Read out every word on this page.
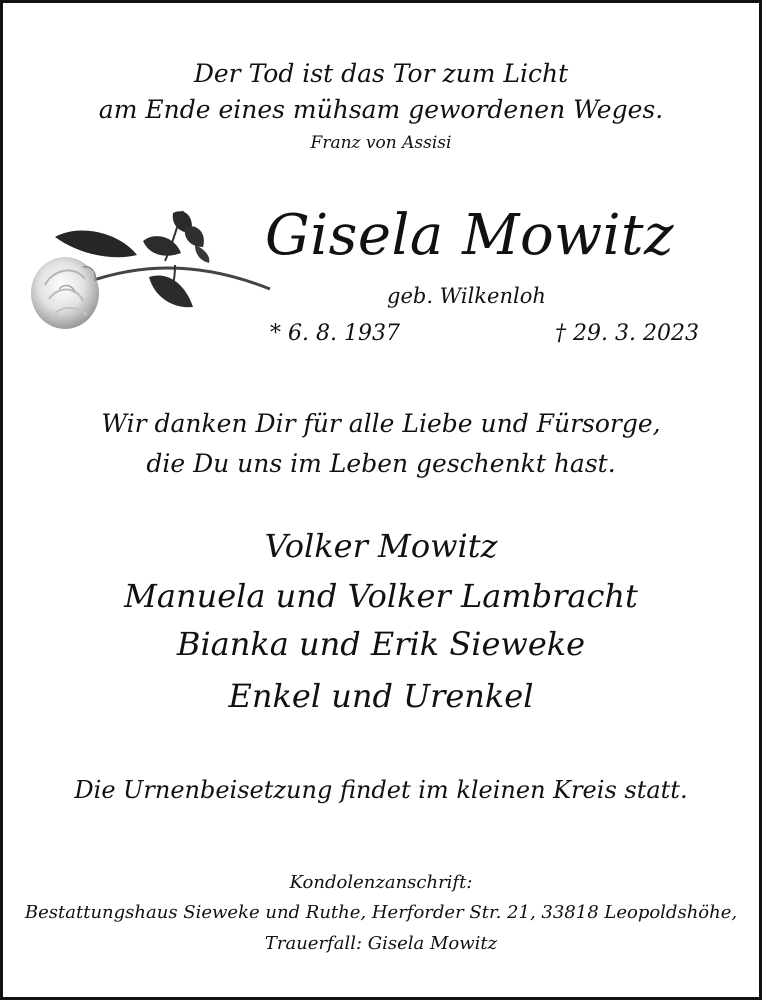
Der Tod ist das Tor zum Licht
am Ende eines mühsam gewordenen Weges.
Franz von Assisi
Gisela Mowitz
geb. Wilkenloh
* 6. 8. 1937	† 29. 3. 2023
Wir danken Dir für alle Liebe und Fürsorge,
die Du uns im Leben geschenkt hast.
Volker Mowitz
Manuela und Volker Lambracht
Bianka und Erik Sieweke
Enkel und Urenkel
Die Urnenbeisetzung findet im kleinen Kreis statt.
Kondolenzanschrift:
Bestattungshaus Sieweke und Ruthe, Herforder Str. 21, 33818 Leopoldshöhe,
Trauerfall: Gisela Mowitz
